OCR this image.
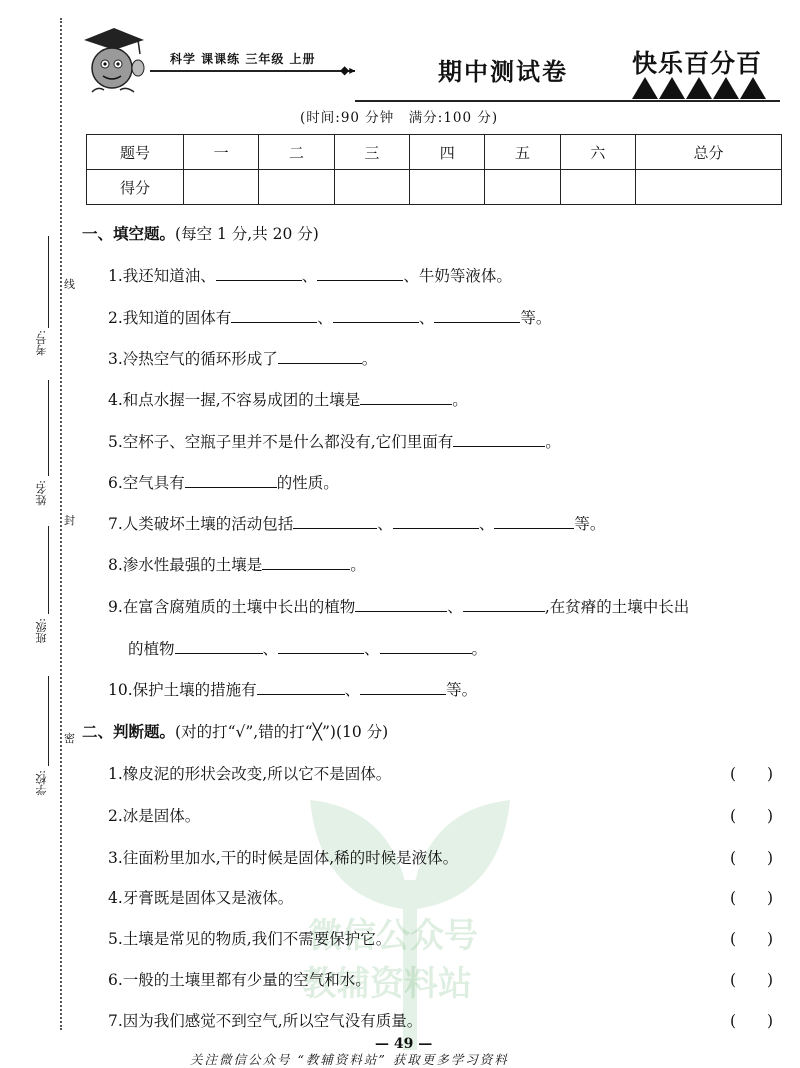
考号:
线
姓名:
封
班级:
学校:
密
科学 课课练 三年级 上册
◆▸	期中测试卷	快乐百分百
(时间:90 分钟　满分:100 分)
题号	一	二	三	四	五	六	总分
得分							
微信公众号
教辅资料站
一、填空题。(每空 1 分,共 20 分)
1.我还知道油、	、	、牛奶等液体。
2.我知道的固体有	、	、	等。
3.冷热空气的循环形成了	。
4.和点水握一握,不容易成团的土壤是	。
5.空杯子、空瓶子里并不是什么都没有,它们里面有	。
6.空气具有	的性质。
7.人类破坏土壤的活动包括	、	、	等。
8.渗水性最强的土壤是	。
9.在富含腐殖质的土壤中长出的植物	、	,在贫瘠的土壤中长出
的植物	、	、	。
10.保护土壤的措施有	、	等。
二、判断题。(对的打“√”,错的打“╳”)(10 分)
1.橡皮泥的形状会改变,所以它不是固体。	(　　)
2.冰是固体。	(　　)
3.往面粉里加水,干的时候是固体,稀的时候是液体。	(　　)
4.牙膏既是固体又是液体。	(　　)
5.土壤是常见的物质,我们不需要保护它。	(　　)
6.一般的土壤里都有少量的空气和水。	(　　)
7.因为我们感觉不到空气,所以空气没有质量。	(　　)
— 49 —
关注微信公众号 “教辅资料站” 获取更多学习资料
